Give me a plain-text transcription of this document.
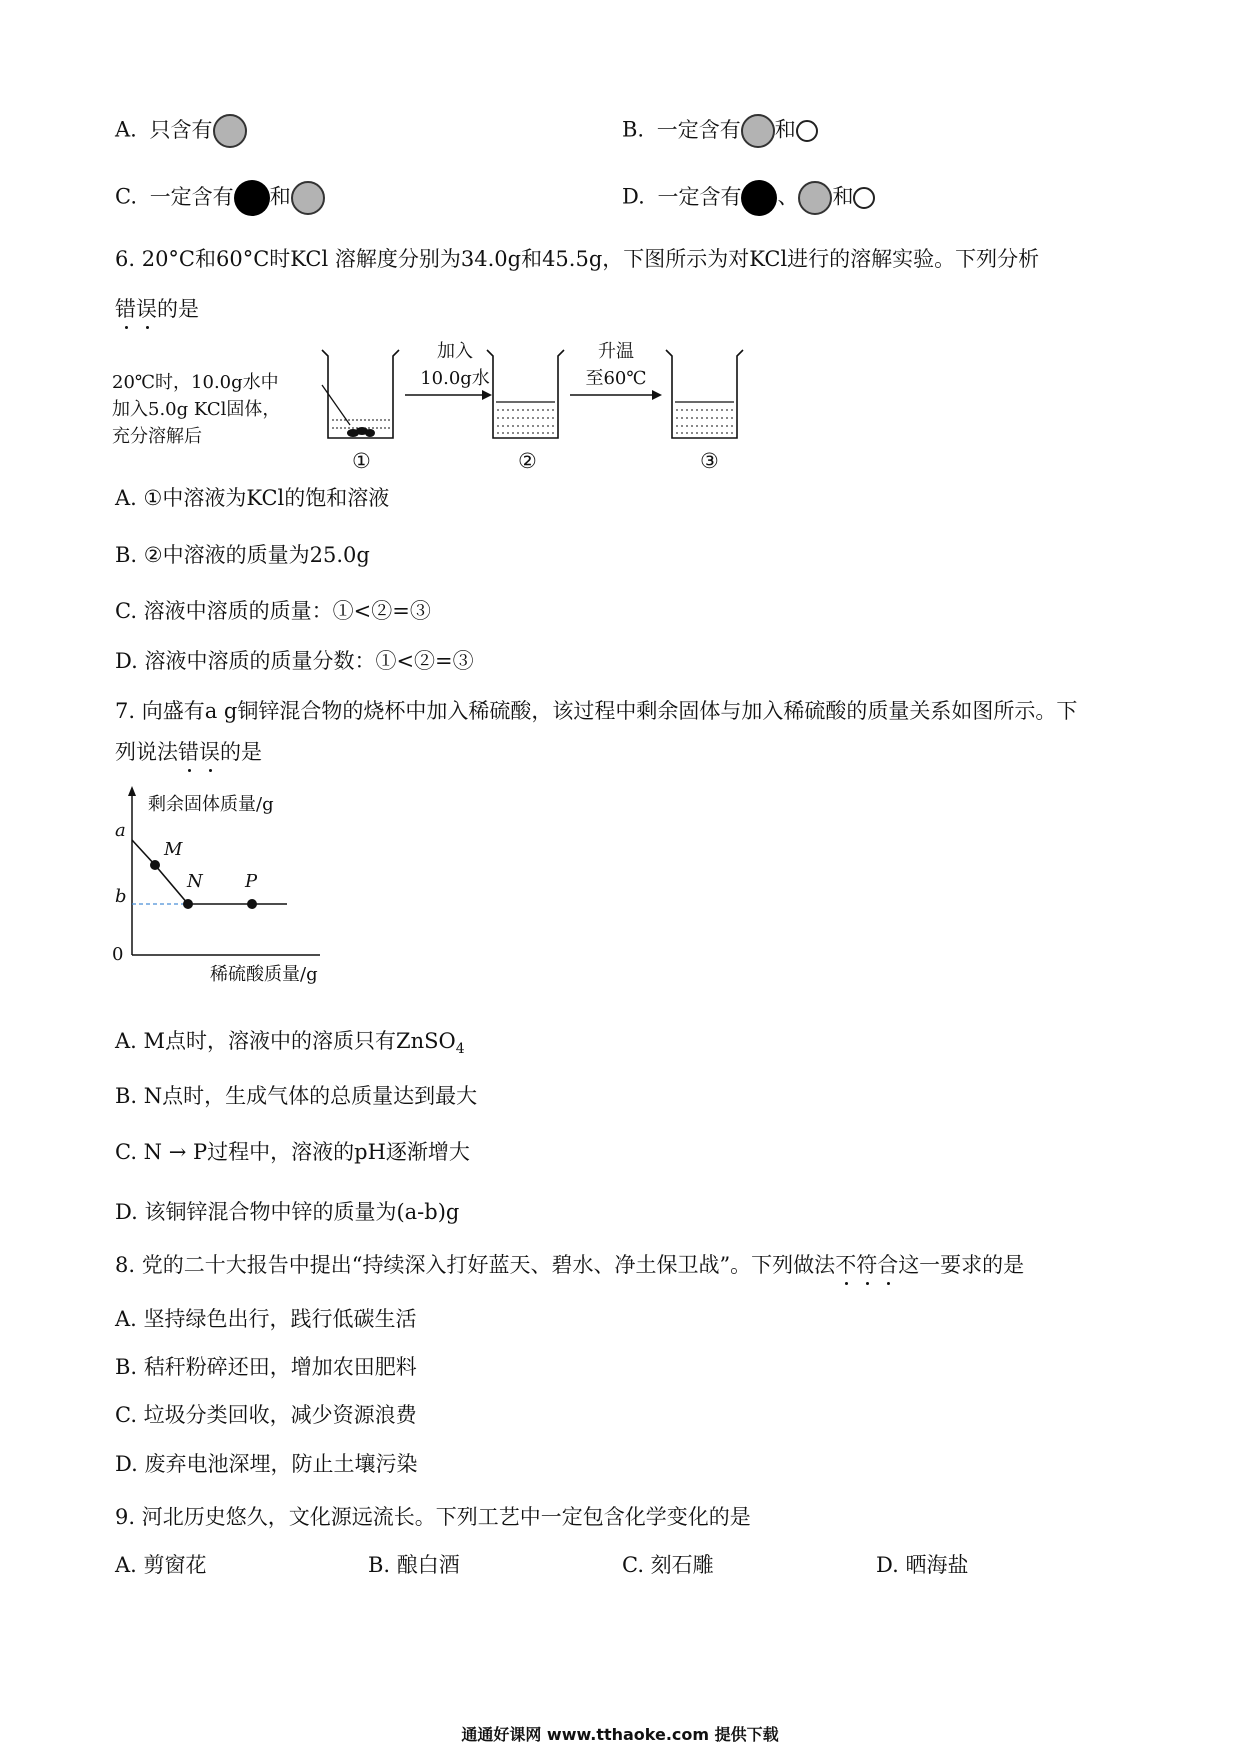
A. 只含有	B. 一定含有 和
C. 一定含有 和	D. 一定含有 、 和
6. 20°C和60°C时KCl 溶解度分别为34.0g和45.5g，下图所示为对KCl进行的溶解实验。下列分析
错误的是
20℃时，10.0g水中
加入5.0g KCl固体，
充分溶解后
加入
10.0g水
升温
至60℃
①	②	③
A. ①中溶液为KCl的饱和溶液
B. ②中溶液的质量为25.0g
C. 溶液中溶质的质量：①<②=③
D. 溶液中溶质的质量分数：①<②=③
7. 向盛有a g铜锌混合物的烧杯中加入稀硫酸，该过程中剩余固体与加入稀硫酸的质量关系如图所示。下
列说法错误的是
剩余固体质量/g
稀硫酸质量/g
a
b
0
M
N P
A. M点时，溶液中的溶质只有ZnSO$_4$
B. N点时，生成气体的总质量达到最大
C. N → P过程中，溶液的pH逐渐增大
D. 该铜锌混合物中锌的质量为(a-b)g
8. 党的二十大报告中提出“持续深入打好蓝天、碧水、净土保卫战”。下列做法不符合这一要求的是
A. 坚持绿色出行，践行低碳生活
B. 秸秆粉碎还田，增加农田肥料
C. 垃圾分类回收，减少资源浪费
D. 废弃电池深埋，防止土壤污染
9. 河北历史悠久，文化源远流长。下列工艺中一定包含化学变化的是
A. 剪窗花	B. 酿白酒	C. 刻石雕	D. 晒海盐
通通好课网 www.tthaoke.com 提供下载
